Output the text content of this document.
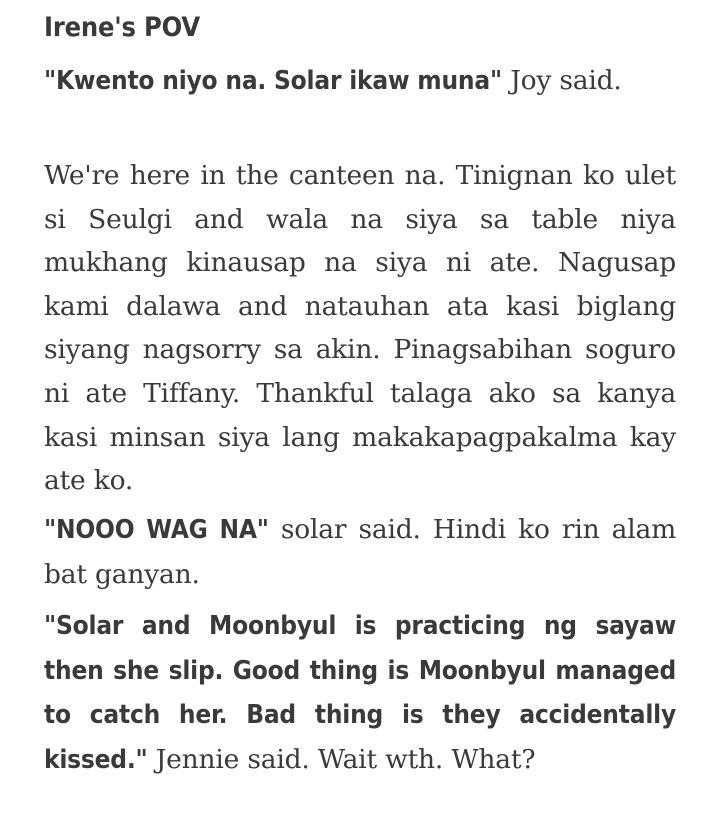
Irene's POV

"Kwento niyo na. Solar ikaw muna" Joy said.

We're here in the canteen na. Tinignan ko ulet si Seulgi and wala na siya sa table niya mukhang kinausap na siya ni ate. Nagusap kami dalawa and natauhan ata kasi biglang siyang nagsorry sa akin. Pinagsabihan soguro ni ate Tiffany. Thankful talaga ako sa kanya kasi minsan siya lang makakapagpakalma kay ate ko.

"NOOO WAG NA" solar said. Hindi ko rin alam bat ganyan.

"Solar and Moonbyul is practicing ng sayaw then she slip. Good thing is Moonbyul managed to catch her. Bad thing is they accidentally kissed." Jennie said. Wait wth. What?
